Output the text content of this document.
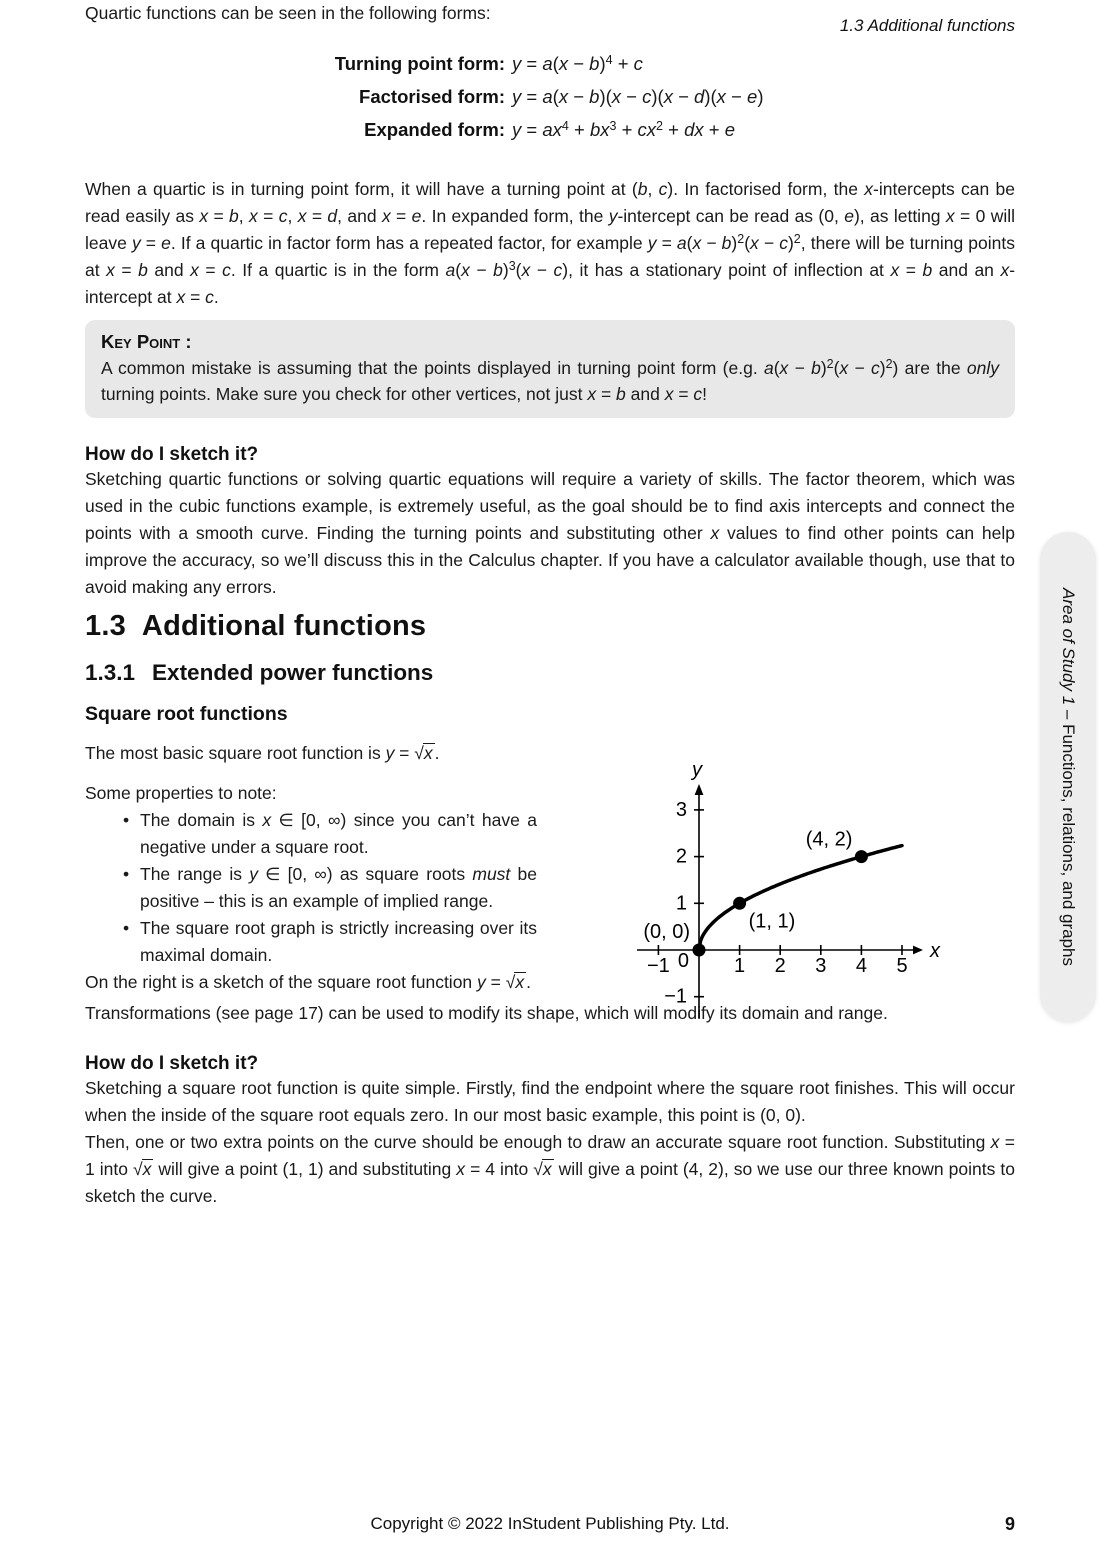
1.3 Additional functions

Quartic functions can be seen in the following forms:

Turning point form: $y = a(x - b)^4 + c$
Factorised form: y = a(x − b)(x − c)(x − d)(x − e)
Expanded form: $y = ax^4 + bx^3 + cx^2$ + dx + e

When a quartic is in turning point form, it will have a turning point at (b, c). In factorised form, the x-intercepts can be read easily as x = b, x = c, x = d, and x = e. In expanded form, the y-intercept can be read as (0, e), as letting x = 0 will leave y = e. If a quartic in factor form has a repeated factor, for example $y = a(x - b)^2(x - c)^2$, there will be turning points at x = b and x = c. If a quartic is in the form $a(x - b)^3(x - c)$, it has a stationary point of inflection at x = b and an x-intercept at x = c.

Key Point :
A common mistake is assuming that the points displayed in turning point form (e.g. $a(x - b)^2(x - c)^2$) are the only turning points. Make sure you check for other vertices, not just x = b and x = c!
How do I sketch it?

Sketching quartic functions or solving quartic equations will require a variety of skills. The factor theorem, which was used in the cubic functions example, is extremely useful, as the goal should be to find axis intercepts and connect the points with a smooth curve. Finding the turning points and substituting other x values to find other points can help improve the accuracy, so we’ll discuss this in the Calculus chapter. If you have a calculator available though, use that to avoid making any errors.

1.3 Additional functions
1.3.1 Extended power functions
Square root functions

The most basic square root function is y = √x .

Some properties to note:

• The domain is x ∈ [0, ∞) since you can’t have a negative under a square root.
• The range is y ∈ [0, ∞) as square roots must be positive – this is an example of implied range.
• The square root graph is strictly increasing over its maximal domain.

On the right is a sketch of the square root function y = √x .

−1	1 2 3 4 5
−1
1
2
3
0	x
y
(0, 0)	(1, 1)
(4, 2)

Transformations (see page 17) can be used to modify its shape, which will modify its domain and range.

How do I sketch it?

Sketching a square root function is quite simple. Firstly, find the endpoint where the square root finishes. This will occur when the inside of the square root equals zero. In our most basic example, this point is (0, 0).

Then, one or two extra points on the curve should be enough to draw an accurate square root function. Substituting x = 1 into √x will give a point (1, 1) and substituting x = 4 into √x will give a point (4, 2), so we use our three known points to sketch the curve.

Area of Study 1 – Functions, relations, and graphs
Copyright © 2022 InStudent Publishing Pty. Ltd.	9
